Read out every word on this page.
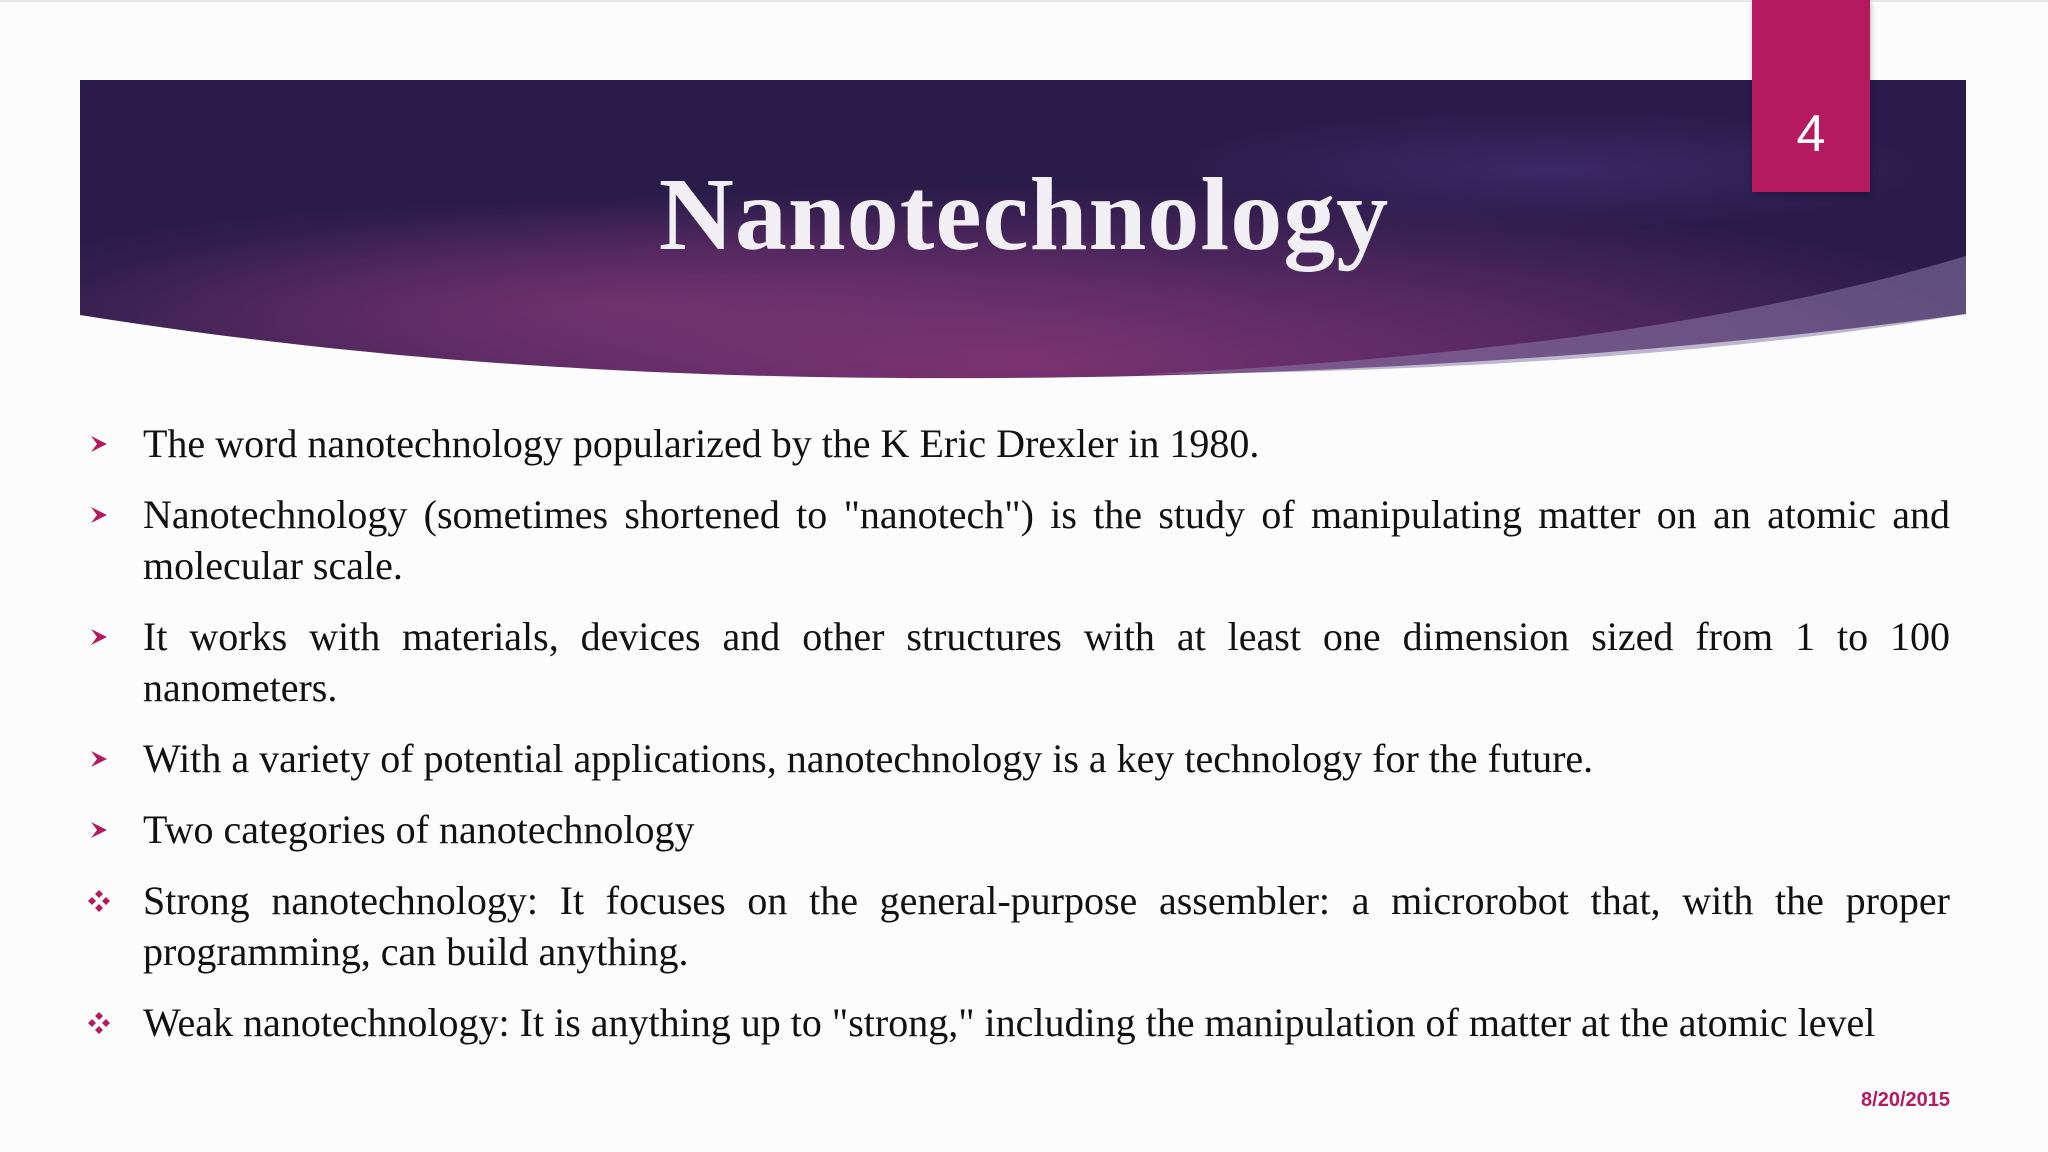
Nanotechnology
4
The word nanotechnology popularized by the K Eric Drexler in 1980.
Nanotechnology (sometimes shortened to "nanotech") is the study of manipulating matter on an atomic and molecular scale.
It works with materials, devices and other structures with at least one dimension sized from 1 to 100 nanometers.
With a variety of potential applications, nanotechnology is a key technology for the future.
Two categories of nanotechnology
Strong nanotechnology: It focuses on the general-purpose assembler: a microrobot that, with the proper programming, can build anything.
Weak nanotechnology: It is anything up to "strong," including the manipulation of matter at the atomic level
8/20/2015
